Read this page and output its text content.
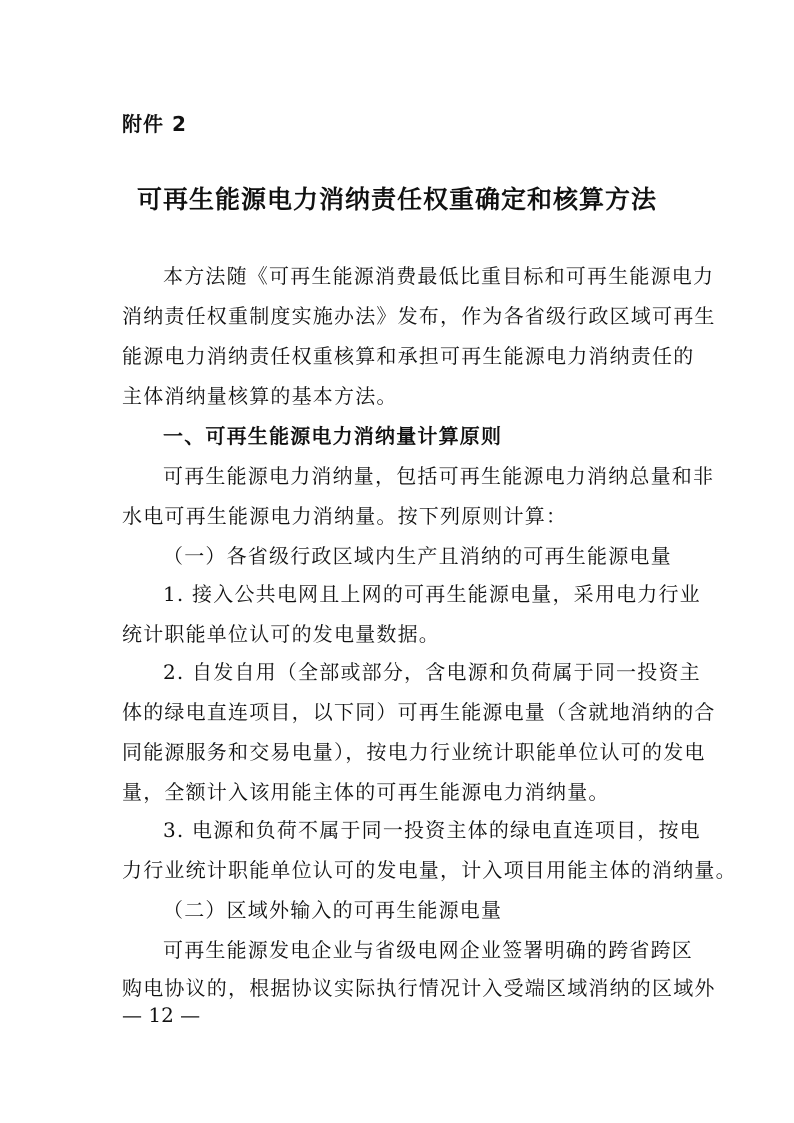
附件 2
可再生能源电力消纳责任权重确定和核算方法
本方法随《可再生能源消费最低比重目标和可再生能源电力
消纳责任权重制度实施办法》发布，作为各省级行政区域可再生
能源电力消纳责任权重核算和承担可再生能源电力消纳责任的
主体消纳量核算的基本方法。
一、可再生能源电力消纳量计算原则
可再生能源电力消纳量，包括可再生能源电力消纳总量和非
水电可再生能源电力消纳量。按下列原则计算：
（一）各省级行政区域内生产且消纳的可再生能源电量
1. 接入公共电网且上网的可再生能源电量，采用电力行业
统计职能单位认可的发电量数据。
2. 自发自用（全部或部分，含电源和负荷属于同一投资主
体的绿电直连项目，以下同）可再生能源电量（含就地消纳的合
同能源服务和交易电量），按电力行业统计职能单位认可的发电
量，全额计入该用能主体的可再生能源电力消纳量。
3. 电源和负荷不属于同一投资主体的绿电直连项目，按电
力行业统计职能单位认可的发电量，计入项目用能主体的消纳量。
（二）区域外输入的可再生能源电量
可再生能源发电企业与省级电网企业签署明确的跨省跨区
购电协议的，根据协议实际执行情况计入受端区域消纳的区域外
— 12 —
